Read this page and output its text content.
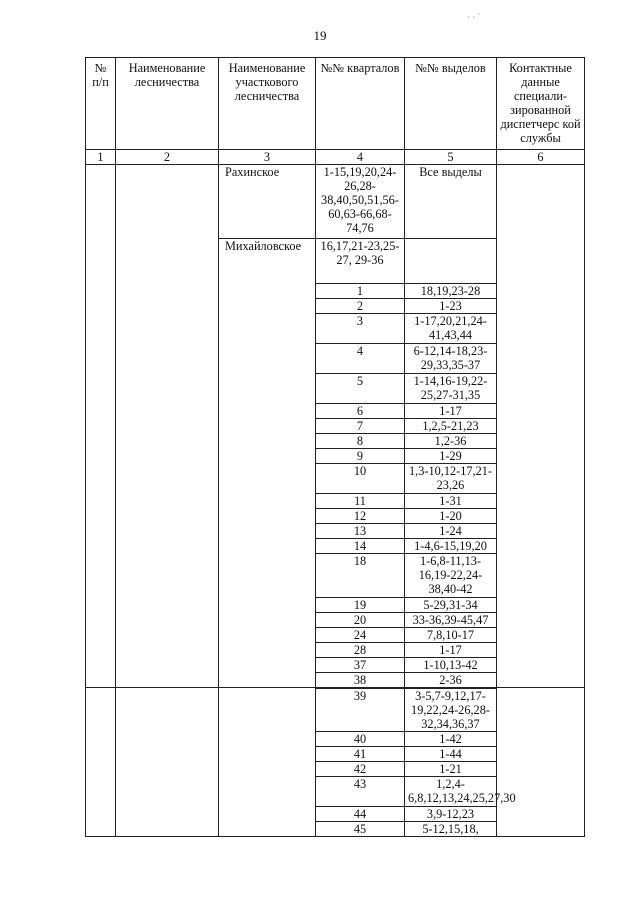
19
№ п/п	Наименование лесничества	Наименование участкового лесничества	№№ кварталов	№№ выделов	Контактные данные специали-зированной диспетчерс кой службы
1	2	3	4	5	6
		Рахинское	1-15,19,20,24-26,28-38,40,50,51,56-60,63-66,68-74,76	Все выделы	
		Михайловское	16,17,21-23,25-27, 29-36		
			1	18,19,23-28	
			2	1-23	
			3	1-17,20,21,24-41,43,44	
			4	6-12,14-18,23-29,33,35-37	
			5	1-14,16-19,22-25,27-31,35	
			6	1-17	
			7	1,2,5-21,23	
			8	1,2-36	
			9	1-29	
			10	1,3-10,12-17,21-23,26	
			11	1-31	
			12	1-20	
			13	1-24	
			14	1-4,6-15,19,20	
			18	1-6,8-11,13-16,19-22,24-38,40-42	
			19	5-29,31-34	
			20	33-36,39-45,47	
			24	7,8,10-17	
			28	1-17	
			37	1-10,13-42	
			38	2-36	

			39	3-5,7-9,12,17-19,22,24-26,28-32,34,36,37	
			40	1-42	
			41	1-44	
			42	1-21	
			43	1,2,4-6,8,12,13,24,25,27,30	
			44	3,9-12,23	
			45	5-12,15,18,	
· · ˊ
